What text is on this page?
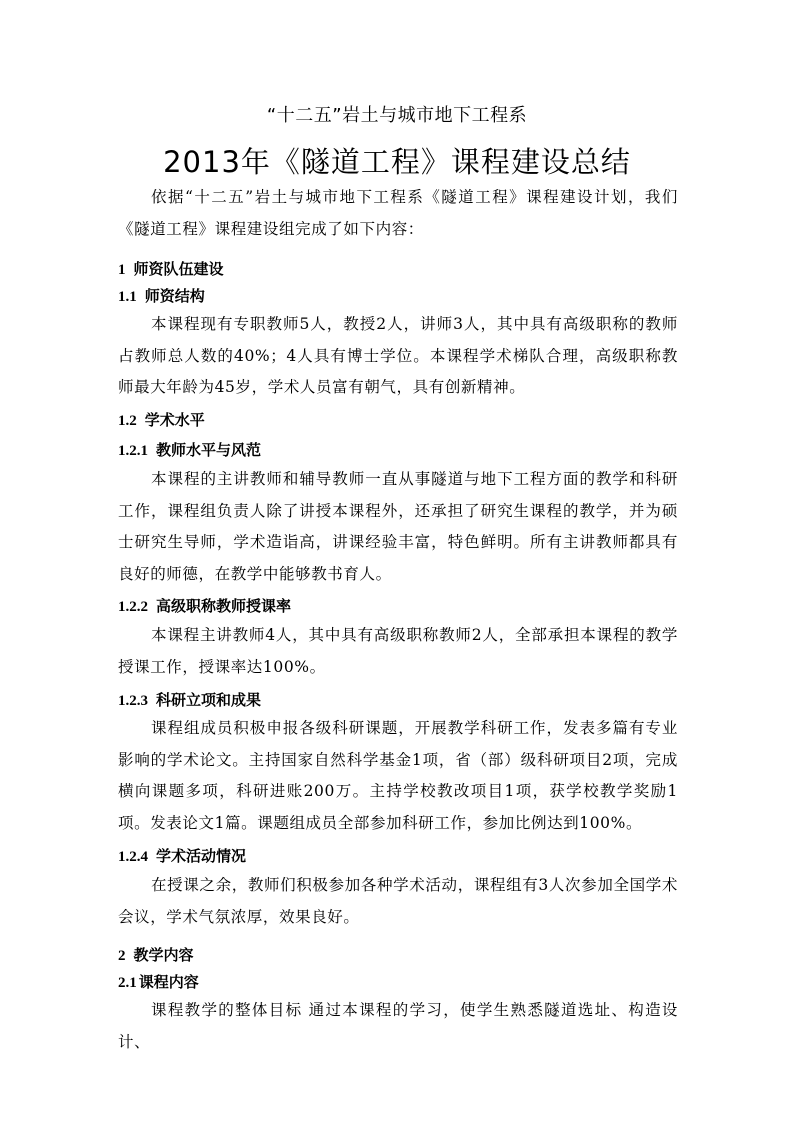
“十二五”岩土与城市地下工程系
2013年《隧道工程》课程建设总结
依据“十二五”岩土与城市地下工程系《隧道工程》课程建设计划，我们《隧道工程》课程建设组完成了如下内容：
1 师资队伍建设
1.1 师资结构
本课程现有专职教师5人，教授2人，讲师3人，其中具有高级职称的教师占教师总人数的40%；4人具有博士学位。本课程学术梯队合理，高级职称教师最大年龄为45岁，学术人员富有朝气，具有创新精神。
1.2 学术水平
1.2.1 教师水平与风范
本课程的主讲教师和辅导教师一直从事隧道与地下工程方面的教学和科研工作，课程组负责人除了讲授本课程外，还承担了研究生课程的教学，并为硕士研究生导师，学术造诣高，讲课经验丰富，特色鲜明。所有主讲教师都具有良好的师德，在教学中能够教书育人。
1.2.2 高级职称教师授课率
本课程主讲教师4人，其中具有高级职称教师2人，全部承担本课程的教学授课工作，授课率达100%。
1.2.3 科研立项和成果
课程组成员积极申报各级科研课题，开展教学科研工作，发表多篇有专业影响的学术论文。主持国家自然科学基金1项，省（部）级科研项目2项，完成横向课题多项，科研进账200万。主持学校教改项目1项，获学校教学奖励1项。发表论文1篇。课题组成员全部参加科研工作，参加比例达到100%。
1.2.4 学术活动情况
在授课之余，教师们积极参加各种学术活动，课程组有3人次参加全国学术会议，学术气氛浓厚，效果良好。
2 教学内容
2.1 课程内容
课程教学的整体目标 通过本课程的学习，使学生熟悉隧道选址、构造设计、
